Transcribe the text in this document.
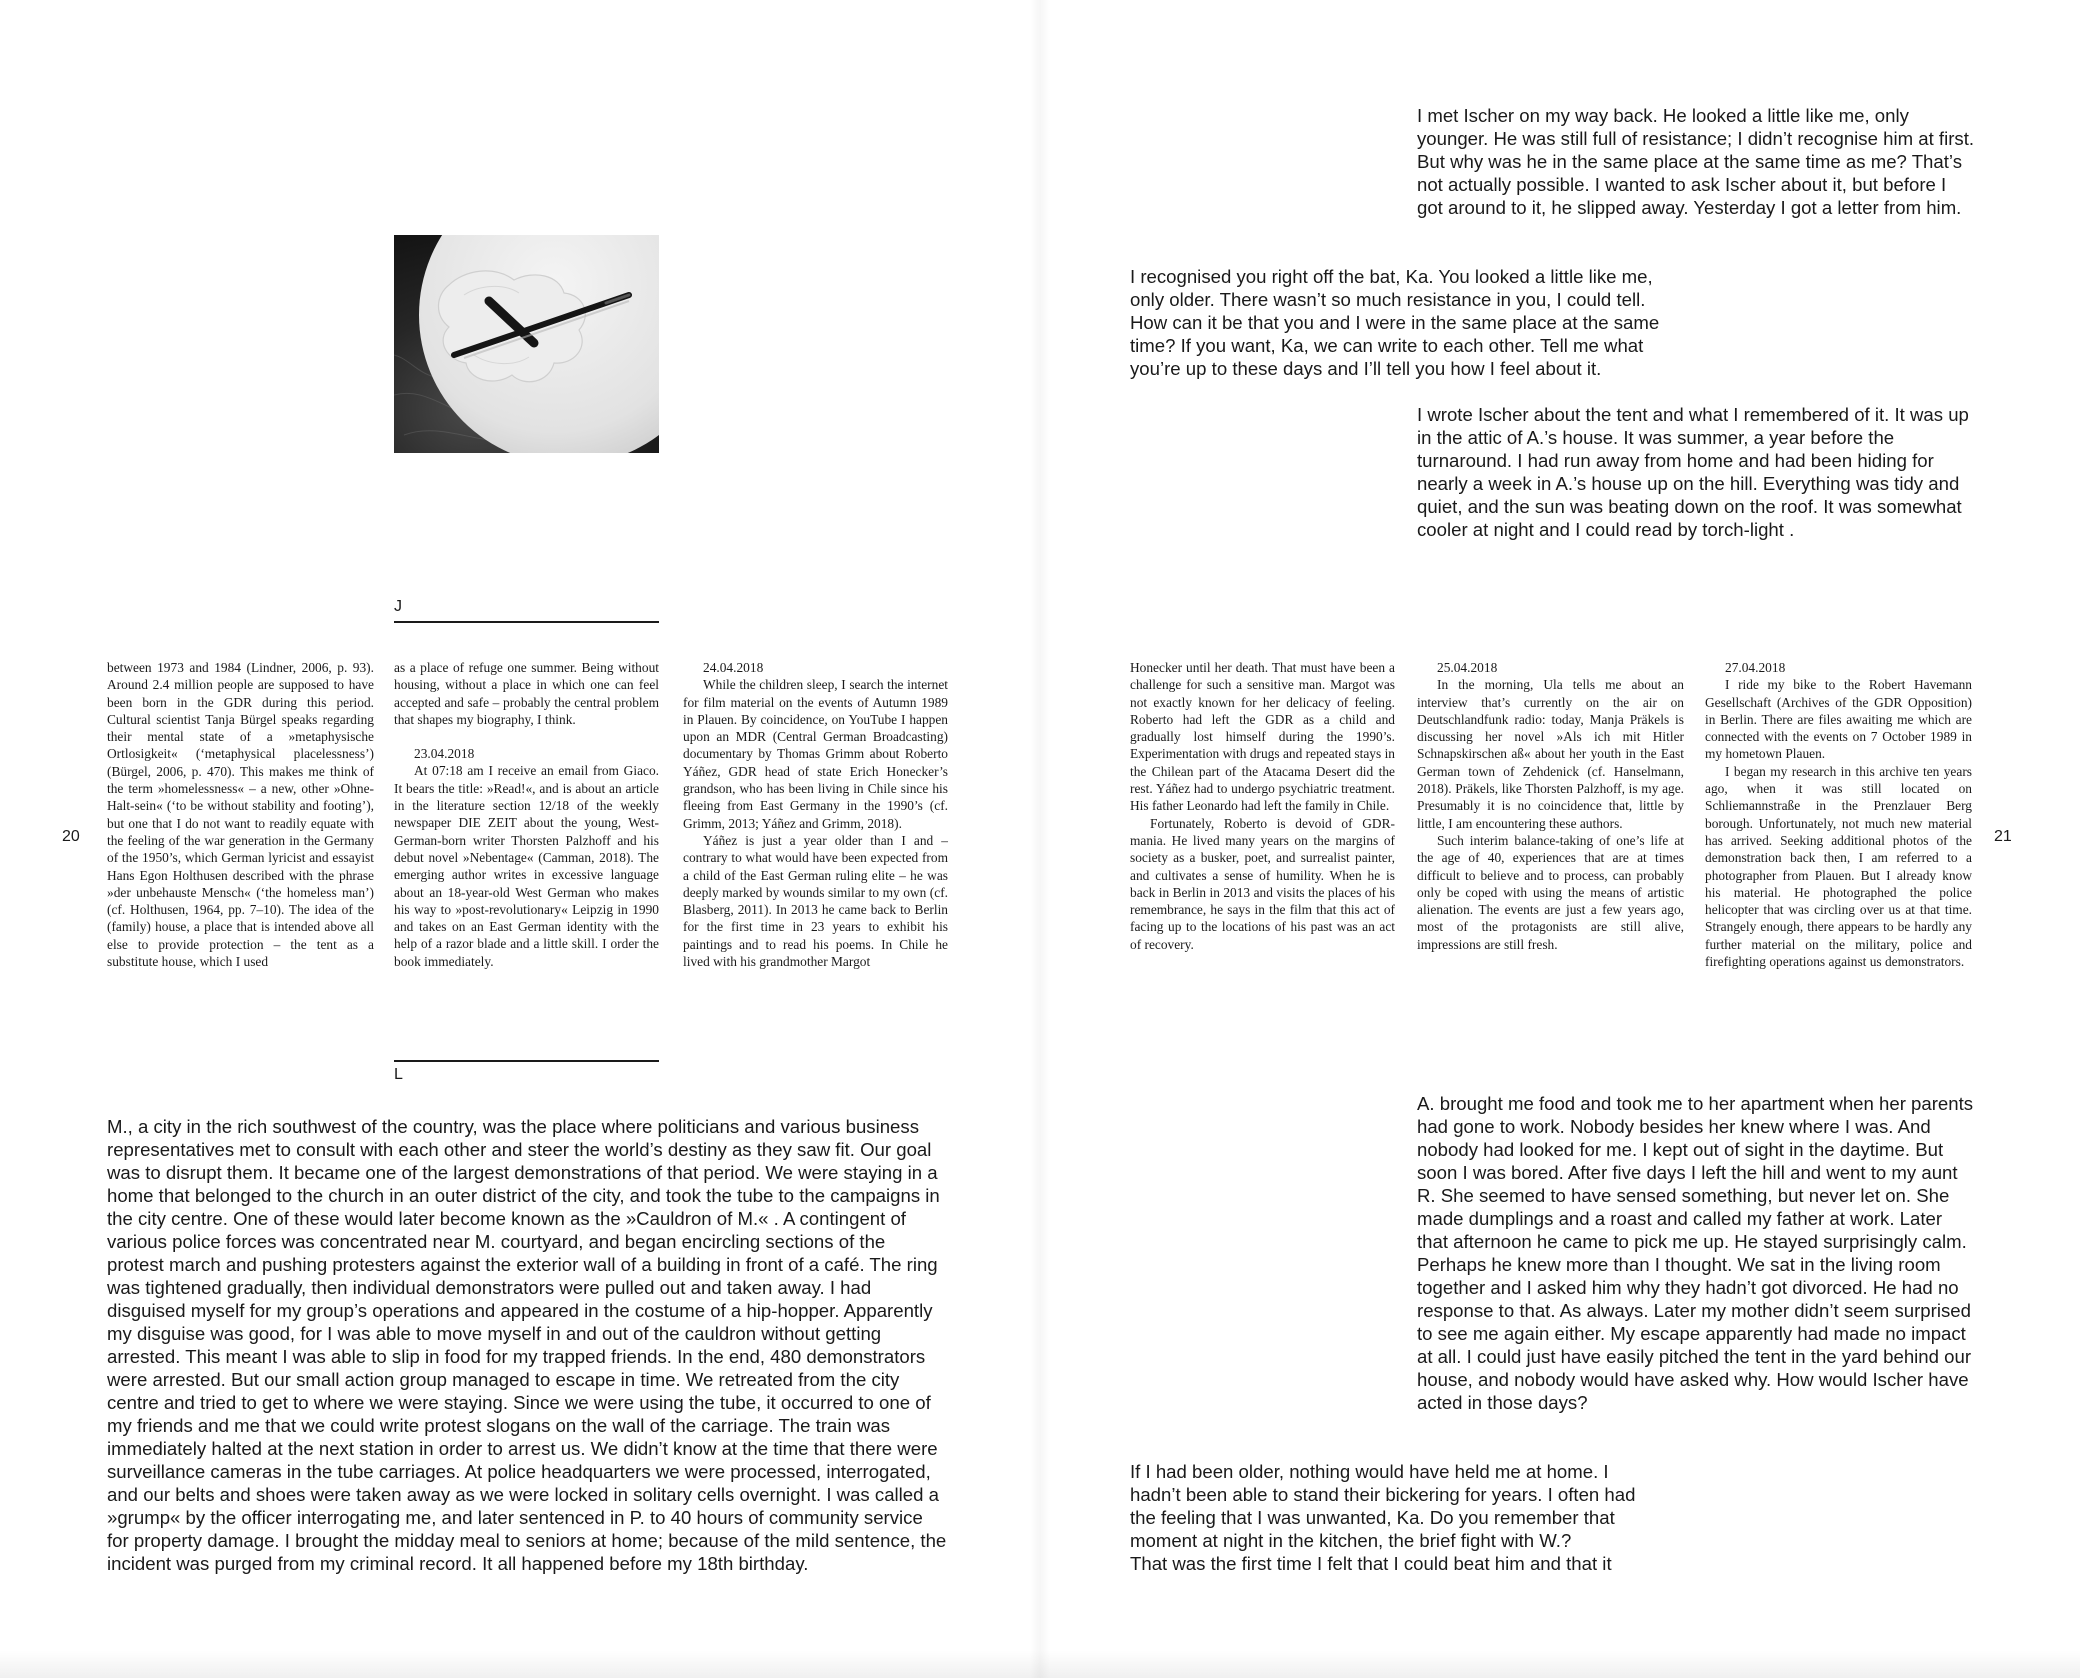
I met Ischer on my way back. He looked a little like me, only younger. He was still full of resistance; I didn’t recognise him at first. But why was he in the same place at the same time as me? That’s not actually possible. I wanted to ask Ischer about it, but before I got around to it, he slipped away. Yesterday I got a letter from him.

I recognised you right off the bat, Ka. You looked a little like me, only older. There wasn’t so much resistance in you, I could tell. How can it be that you and I were in the same place at the same time? If you want, Ka, we can write to each other. Tell me what you’re up to these days and I’ll tell you how I feel about it.

I wrote Ischer about the tent and what I remembered of it. It was up in the attic of A.’s house. It was summer, a year before the turnaround. I had run away from home and had been hiding for nearly a week in A.’s house up on the hill. Everything was tidy and quiet, and the sun was beating down on the roof. It was somewhat cooler at night and I could read by torch-light .

J

between 1973 and 1984 (Lindner, 2006, p. 93). Around 2.4 million people are supposed to have been born in the GDR during this period. Cultural scientist Tanja Bürgel speaks regarding their mental state of a »metaphysische Ortlosigkeit« (‘metaphysical placelessness’) (Bürgel, 2006, p. 470). This makes me think of the term »homelessness« – a new, other »Ohne-Halt-sein« (‘to be without stability and footing’), but one that I do not want to readily equate with the feeling of the war generation in the Germany of the 1950’s, which German lyricist and essayist Hans Egon Holthusen described with the phrase »der unbehauste Mensch« (‘the homeless man’) (cf. Holthusen, 1964, pp. 7–10). The idea of the (family) house, a place that is intended above all else to provide protection – the tent as a substitute house, which I used

as a place of refuge one summer. Being without housing, without a place in which one can feel accepted and safe – probably the central problem that shapes my biography, I think.

23.04.2018

At 07:18 am I receive an email from Giaco. It bears the title: »Read!«, and is about an article in the literature section 12/18 of the weekly newspaper DIE ZEIT about the young, West-German-born writer Thorsten Palzhoff and his debut novel »Nebentage« (Camman, 2018). The emerging author writes in excessive language about an 18-year-old West German who makes his way to »post-revolutionary« Leipzig in 1990 and takes on an East German identity with the help of a razor blade and a little skill. I order the book immediately.

24.04.2018

While the children sleep, I search the internet for film material on the events of Autumn 1989 in Plauen. By coincidence, on YouTube I happen upon an MDR (Central German Broadcasting) documentary by Thomas Grimm about Roberto Yáñez, GDR head of state Erich Honecker’s grandson, who has been living in Chile since his fleeing from East Germany in the 1990’s (cf. Grimm, 2013; Yáñez and Grimm, 2018).

Yáñez is just a year older than I and – contrary to what would have been expected from a child of the East German ruling elite – he was deeply marked by wounds similar to my own (cf. Blasberg, 2011). In 2013 he came back to Berlin for the first time in 23 years to exhibit his paintings and to read his poems. In Chile he lived with his grandmother Margot

Honecker until her death. That must have been a challenge for such a sensitive man. Margot was not exactly known for her delicacy of feeling. Roberto had left the GDR as a child and gradually lost himself during the 1990’s. Experimentation with drugs and repeated stays in the Chilean part of the Atacama Desert did the rest. Yáñez had to undergo psychiatric treatment. His father Leonardo had left the family in Chile.

Fortunately, Roberto is devoid of GDR-mania. He lived many years on the margins of society as a busker, poet, and surrealist painter, and cultivates a sense of humility. When he is back in Berlin in 2013 and visits the places of his remembrance, he says in the film that this act of facing up to the locations of his past was an act of recovery.

25.04.2018

In the morning, Ula tells me about an interview that’s currently on the air on Deutschlandfunk radio: today, Manja Präkels is discussing her novel »Als ich mit Hitler Schnapskirschen aß« about her youth in the East German town of Zehdenick (cf. Hanselmann, 2018). Präkels, like Thorsten Palzhoff, is my age. Presumably it is no coincidence that, little by little, I am encountering these authors.

Such interim balance-taking of one’s life at the age of 40, experiences that are at times difficult to believe and to process, can probably only be coped with using the means of artistic alienation. The events are just a few years ago, most of the protagonists are still alive, impressions are still fresh.

27.04.2018

I ride my bike to the Robert Havemann Gesellschaft (Archives of the GDR Opposition) in Berlin. There are files awaiting me which are connected with the events on 7 October 1989 in my hometown Plauen.

I began my research in this archive ten years ago, when it was still located on Schliemannstraße in the Prenzlauer Berg borough. Unfortunately, not much new material has arrived. Seeking additional photos of the demonstration back then, I am referred to a photographer from Plauen. But I already know his material. He photographed the police helicopter that was circling over us at that time. Strangely enough, there appears to be hardly any further material on the military, police and firefighting operations against us demonstrators.

20	21
L

M., a city in the rich southwest of the country, was the place where politicians and various business representatives met to consult with each other and steer the world’s destiny as they saw fit. Our goal was to disrupt them. It became one of the largest demonstrations of that period. We were staying in a home that belonged to the church in an outer district of the city, and took the tube to the campaigns in the city centre. One of these would later become known as the »Cauldron of M.« . A contingent of various police forces was concentrated near M. courtyard, and began encircling sections of the protest march and pushing protesters against the exterior wall of a building in front of a café. The ring was tightened gradually, then individual demonstrators were pulled out and taken away. I had disguised myself for my group’s operations and appeared in the costume of a hip-hopper. Apparently my disguise was good, for I was able to move myself in and out of the cauldron without getting arrested. This meant I was able to slip in food for my trapped friends. In the end, 480 demonstrators were arrested. But our small action group managed to escape in time. We retreated from the city centre and tried to get to where we were staying. Since we were using the tube, it occurred to one of my friends and me that we could write protest slogans on the wall of the carriage. The train was immediately halted at the next station in order to arrest us. We didn’t know at the time that there were surveillance cameras in the tube carriages. At police headquarters we were processed, interrogated, and our belts and shoes were taken away as we were locked in solitary cells overnight. I was called a »grump« by the officer interrogating me, and later sentenced in P. to 40 hours of community service for property damage. I brought the midday meal to seniors at home; because of the mild sentence, the incident was purged from my criminal record. It all happened before my 18th birthday.

A. brought me food and took me to her apartment when her parents had gone to work. Nobody besides her knew where I was. And nobody had looked for me. I kept out of sight in the daytime. But soon I was bored. After five days I left the hill and went to my aunt R. She seemed to have sensed something, but never let on. She made dumplings and a roast and called my father at work. Later that afternoon he came to pick me up. He stayed surprisingly calm. Perhaps he knew more than I thought. We sat in the living room together and I asked him why they hadn’t got divorced. He had no response to that. As always. Later my mother didn’t seem surprised to see me again either. My escape apparently had made no impact at all. I could just have easily pitched the tent in the yard behind our house, and nobody would have asked why. How would Ischer have acted in those days?

If I had been older, nothing would have held me at home. I
hadn’t been able to stand their bickering for years. I often had
the feeling that I was unwanted, Ka. Do you remember that
moment at night in the kitchen, the brief fight with W.?
That was the first time I felt that I could beat him and that it
